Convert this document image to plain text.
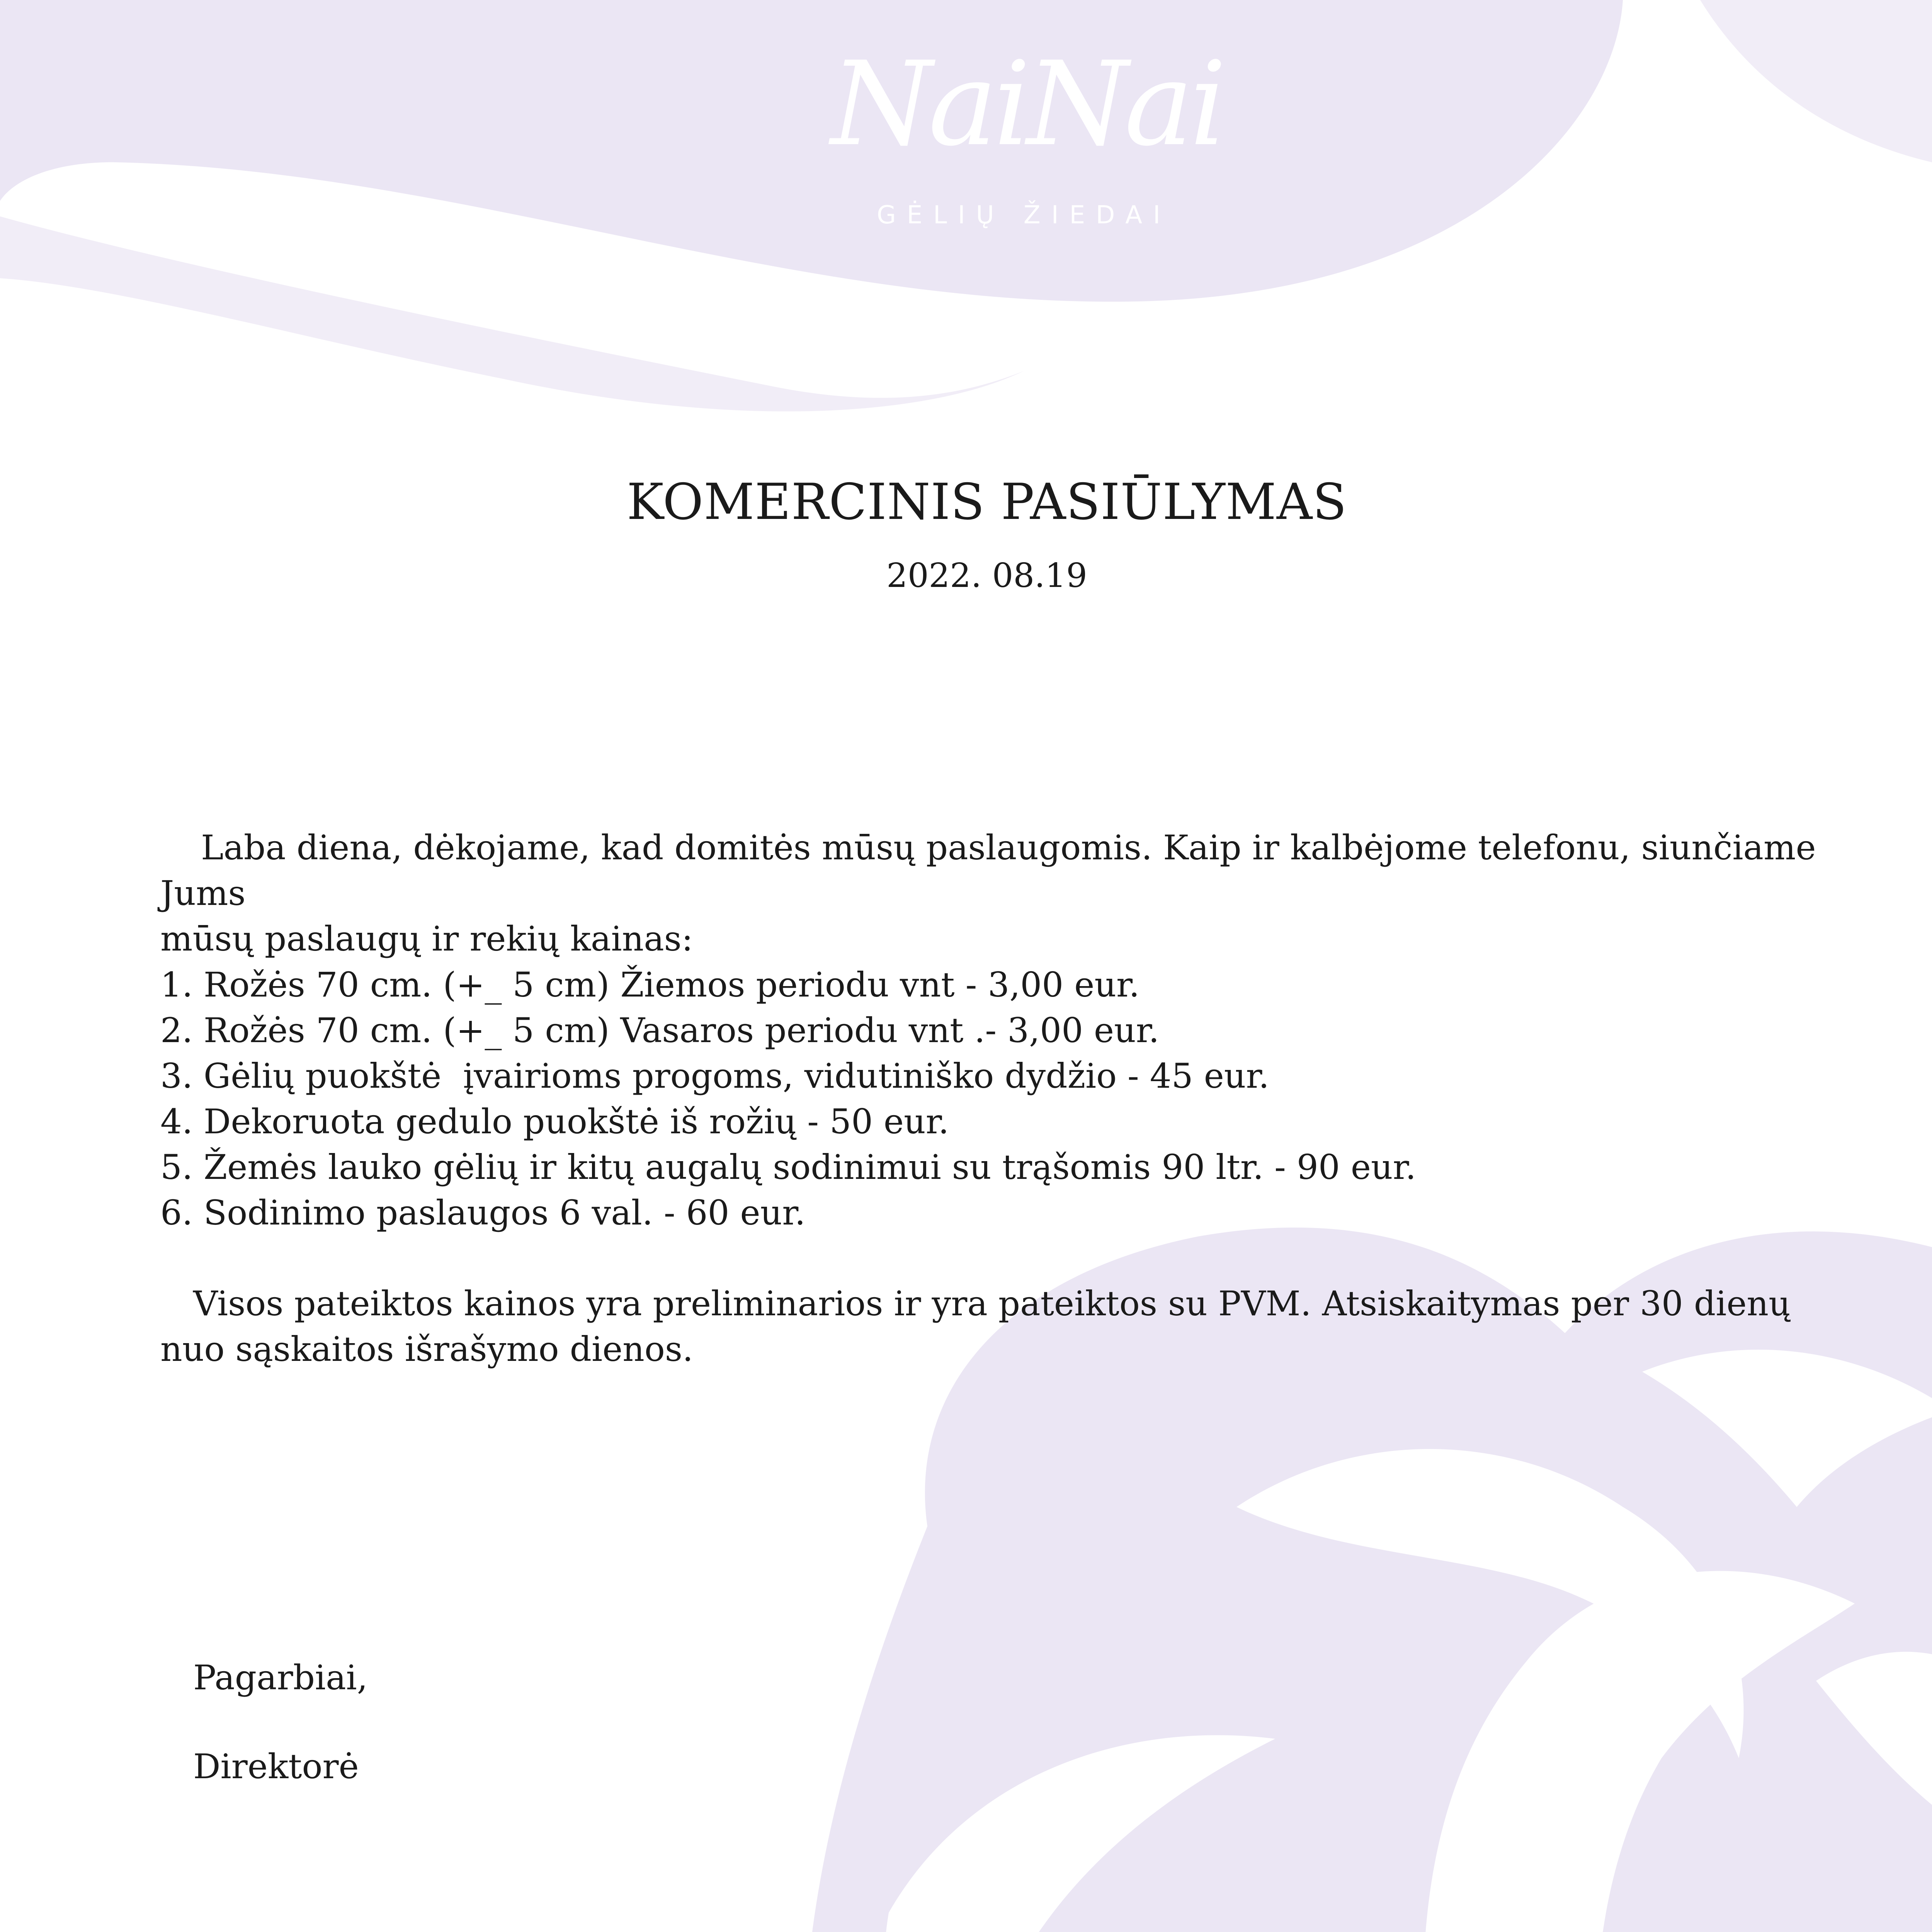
NaiNai
GĖLIŲ ŽIEDAI
KOMERCINIS PASIŪLYMAS
2022. 08.19
Laba diena, dėkojame, kad domitės mūsų paslaugomis. Kaip ir kalbėjome telefonu, siunčiame Jums
mūsų paslaugų ir rekių kainas:
1. Rožės 70 cm. (+_ 5 cm) Žiemos periodu vnt - 3,00 eur.
2. Rožės 70 cm. (+_ 5 cm) Vasaros periodu vnt .- 3,00 eur.
3. Gėlių puokštė  įvairioms progoms, vidutiniško dydžio - 45 eur.
4. Dekoruota gedulo puokštė iš rožių - 50 eur.
5. Žemės lauko gėlių ir kitų augalų sodinimui su trąšomis 90 ltr. - 90 eur.
6. Sodinimo paslaugos 6 val. - 60 eur.
Visos pateiktos kainos yra preliminarios ir yra pateiktos su PVM. Atsiskaitymas per 30 dienų
nuo sąskaitos išrašymo dienos.
Pagarbiai,
Direktorė
